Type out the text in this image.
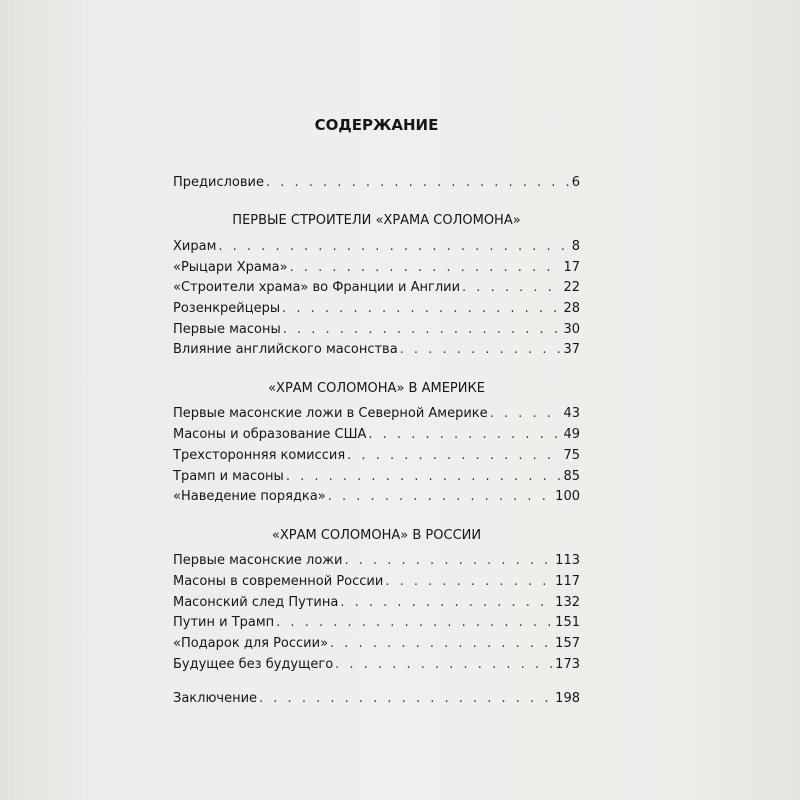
СОДЕРЖАНИЕ
Предисловие . . .	6
ПЕРВЫЕ СТРОИТЕЛИ «ХРАМА СОЛОМОНА»
Хирам . . .	8
«Рыцари Храма» . . .	17
«Строители храма» во Франции и Англии . . .	22
Розенкрейцеры . . .	28
Первые масоны . . .	30
Влияние английского масонства . . .	37
«ХРАМ СОЛОМОНА» В АМЕРИКЕ
Первые масонские ложи в Северной Америке . . .	43
Масоны и образование США . . .	49
Трехсторонняя комиссия . . .	75
Трамп и масоны . . .	85
«Наведение порядка» . . .	100
«ХРАМ СОЛОМОНА» В РОССИИ
Первые масонские ложи . . .	113
Масоны в современной России . . .	117
Масонский след Путина . . .	132
Путин и Трамп . . .	151
«Подарок для России» . . .	157
Будущее без будущего . . .	173
Заключение . . .	198
